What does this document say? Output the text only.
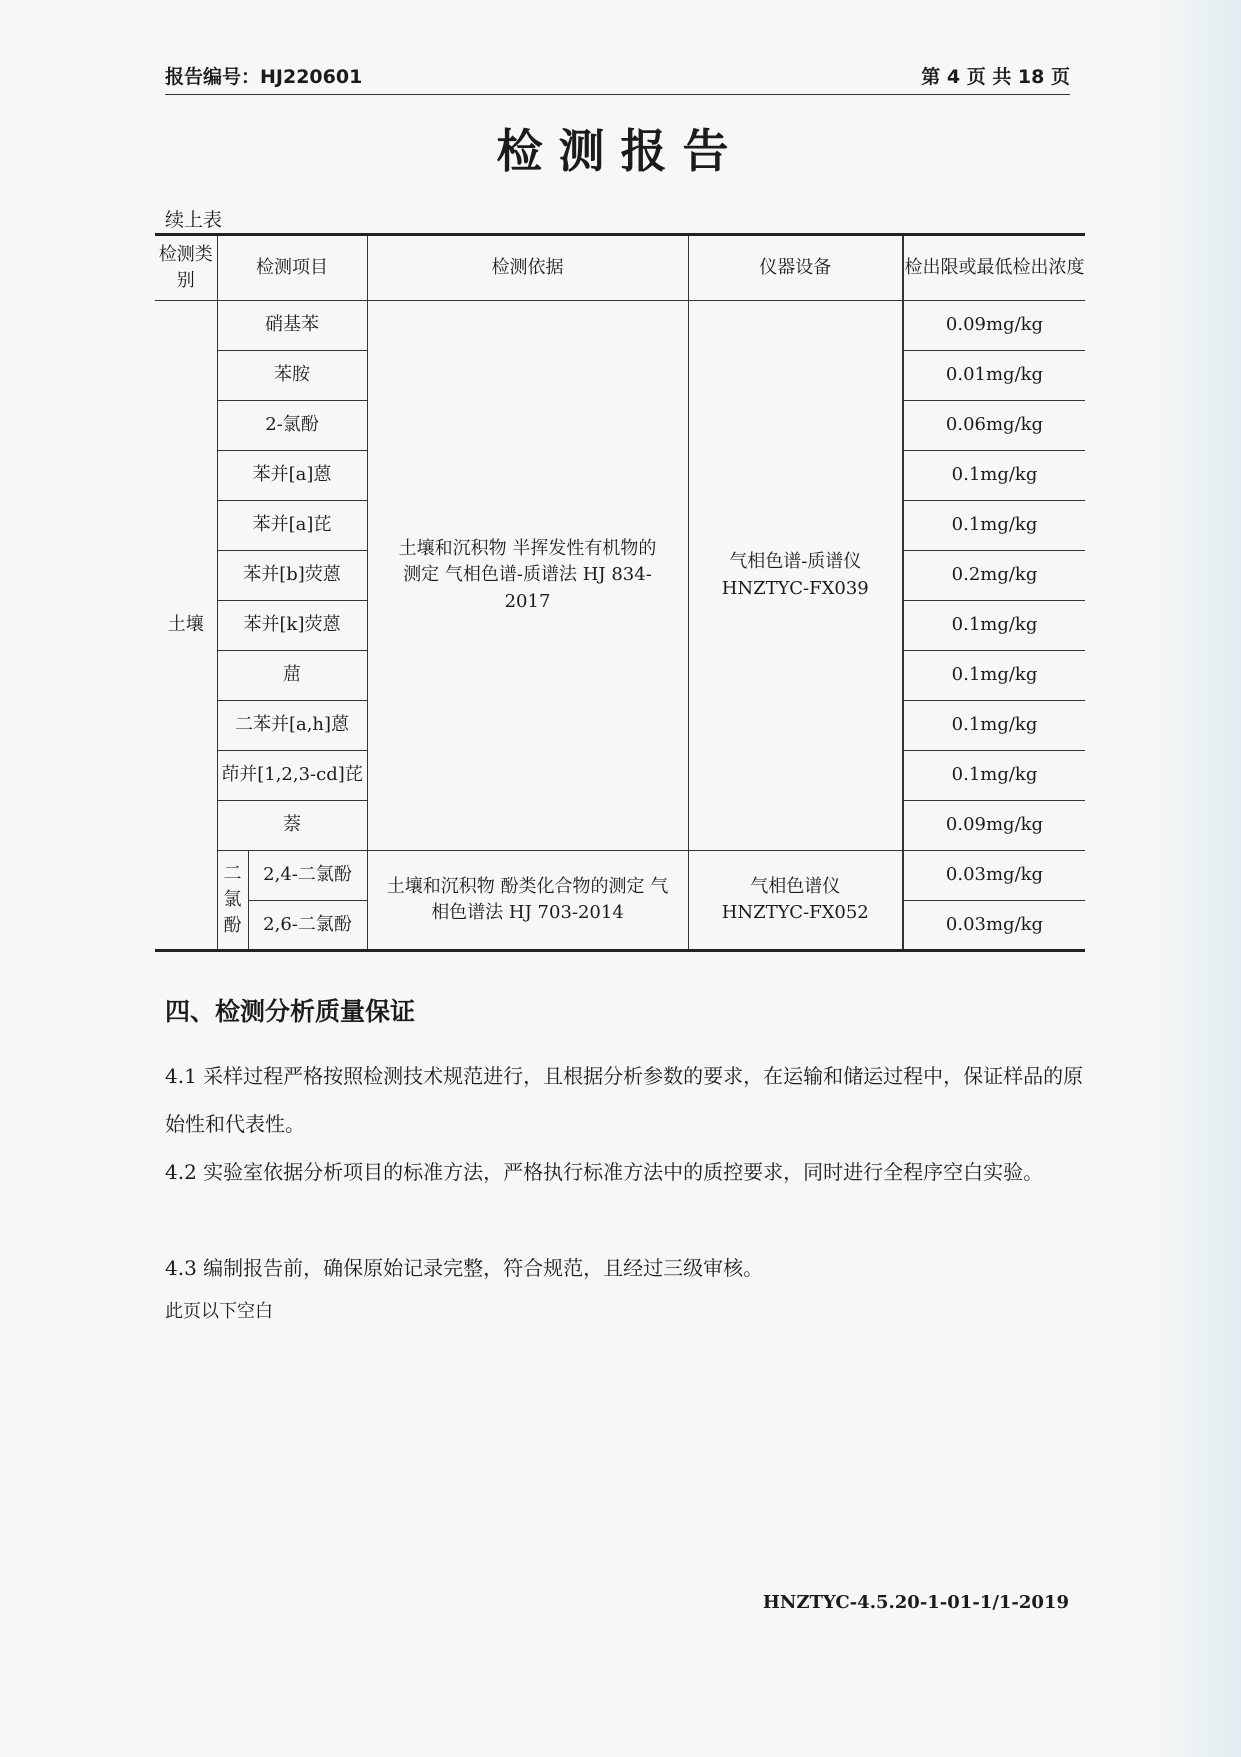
报告编号：HJ220601	第 4 页 共 18 页
检测报告
续上表
检测类别	检测项目		检测依据	仪器设备	检出限或最低检出浓度
土壤	硝基苯		土壤和沉积物 半挥发性有机物的测定 气相色谱-质谱法 HJ 834-2017	气相色谱-质谱仪 HNZTYC-FX039	0.09mg/kg
	苯胺				0.01mg/kg
	2-氯酚				0.06mg/kg
	苯并[a]蒽				0.1mg/kg
	苯并[a]芘				0.1mg/kg
	苯并[b]荧蒽				0.2mg/kg
	苯并[k]荧蒽				0.1mg/kg
	䓛				0.1mg/kg
	二苯并[a,h]蒽				0.1mg/kg
	茚并[1,2,3-cd]芘				0.1mg/kg
	萘				0.09mg/kg
	二氯酚	2,4-二氯酚	土壤和沉积物 酚类化合物的测定 气相色谱法 HJ 703-2014	气相色谱仪 HNZTYC-FX052	0.03mg/kg
		2,6-二氯酚			0.03mg/kg
四、检测分析质量保证

4.1 采样过程严格按照检测技术规范进行，且根据分析参数的要求，在运输和储运过程中，保证样品的原始性和代表性。

4.2 实验室依据分析项目的标准方法，严格执行标准方法中的质控要求，同时进行全程序空白实验。

4.3 编制报告前，确保原始记录完整，符合规范，且经过三级审核。

此页以下空白

HNZTYC-4.5.20-1-01-1/1-2019
